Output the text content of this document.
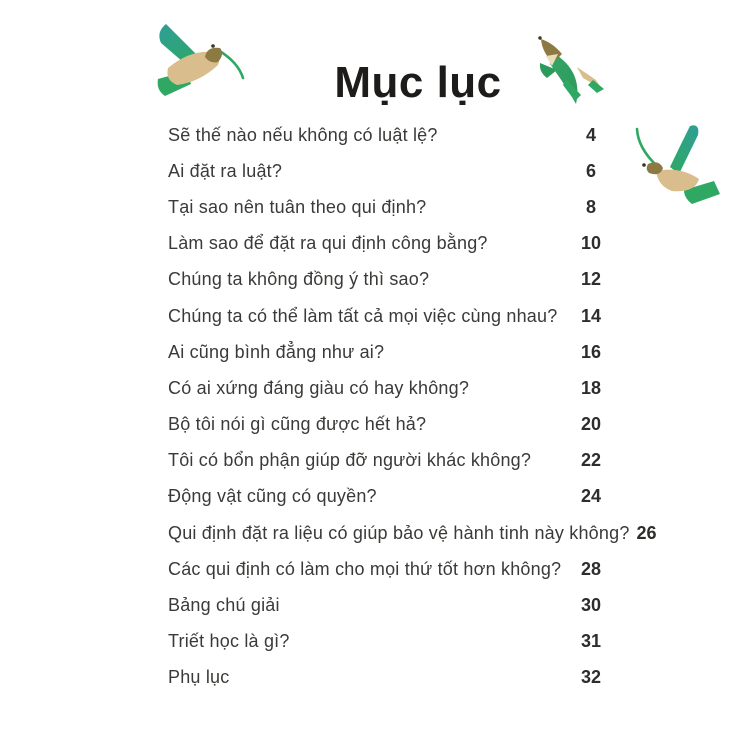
Mục lục
Sẽ thế nào nếu không có luật lệ?	4
Ai đặt ra luật?	6
Tại sao nên tuân theo qui định?	8
Làm sao để đặt ra qui định công bằng?	10
Chúng ta không đồng ý thì sao?	12
Chúng ta có thể làm tất cả mọi việc cùng nhau?	14
Ai cũng bình đẳng như ai?	16
Có ai xứng đáng giàu có hay không?	18
Bộ tôi nói gì cũng được hết hả?	20
Tôi có bổn phận giúp đỡ người khác không?	22
Động vật cũng có quyền?	24
Qui định đặt ra liệu có giúp bảo vệ hành tinh này không? 26
Các qui định có làm cho mọi thứ tốt hơn không?	28
Bảng chú giải	30
Triết học là gì?	31
Phụ lục	32
